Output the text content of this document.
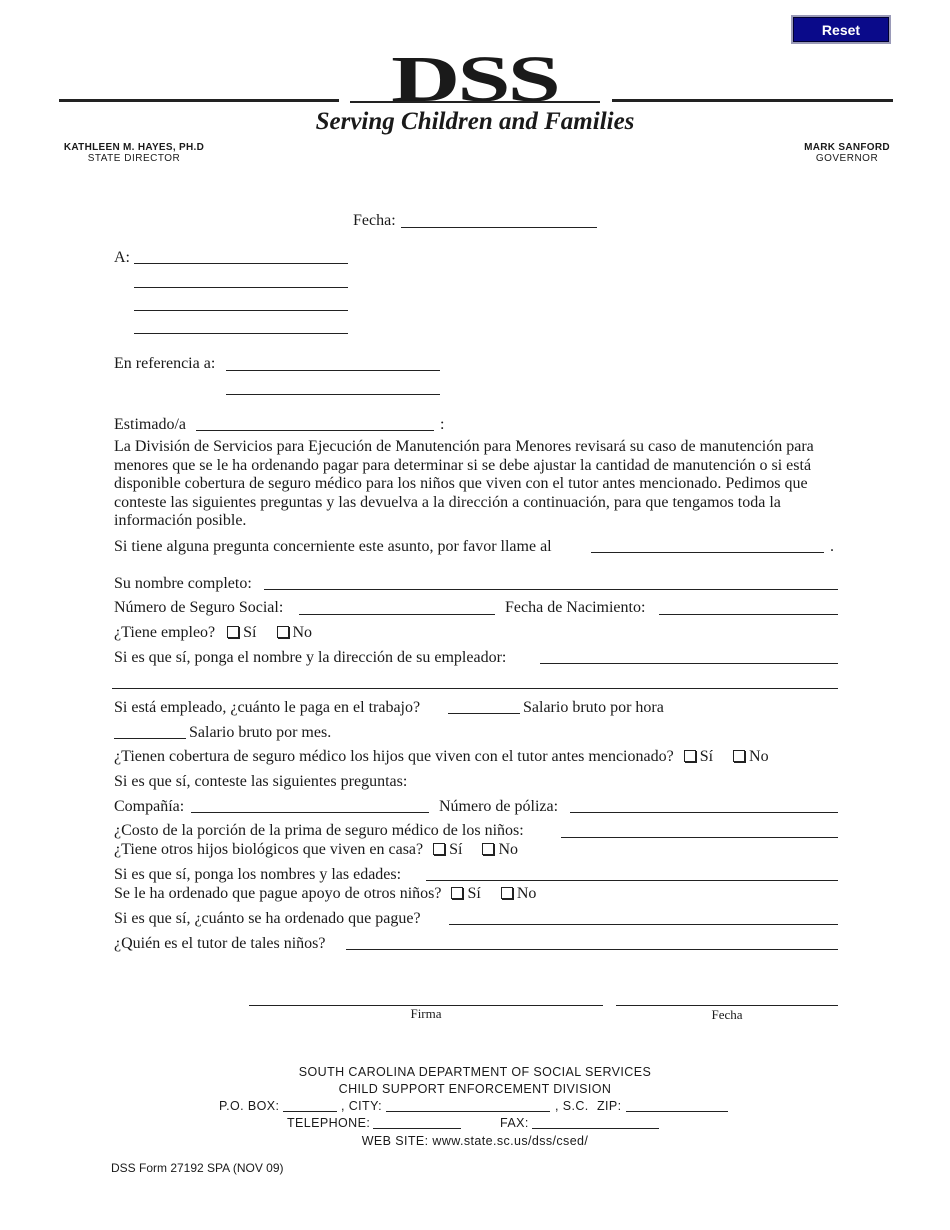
Reset
DSS
Serving Children and Families
KATHLEEN M. HAYES, PH.D
STATE DIRECTOR
MARK SANFORD
GOVERNOR
Fecha:
A:
En referencia a:
Estimado/a	:
La División de Servicios para Ejecución de Manutención para Menores revisará su caso de manutención para menores que se le ha ordenando pagar para determinar si se debe ajustar la cantidad de manutención o si está disponible cobertura de seguro médico para los niños que viven con el tutor antes mencionado. Pedimos que conteste las siguientes preguntas y las devuelva a la dirección a continuación, para que tengamos toda la información posible.
Si tiene alguna pregunta concerniente este asunto, por favor llame al	.
Su nombre completo:
Número de Seguro Social:	Fecha de Nacimiento:
¿Tiene empleo? Sí No
Si es que sí, ponga el nombre y la dirección de su empleador:
Si está empleado, ¿cuánto le paga en el trabajo?	Salario bruto por hora
Salario bruto por mes.
¿Tienen cobertura de seguro médico los hijos que viven con el tutor antes mencionado? Sí No
Si es que sí, conteste las siguientes preguntas:
Compañía:	Número de póliza:
¿Costo de la porción de la prima de seguro médico de los niños:
¿Tiene otros hijos biológicos que viven en casa? Sí No
Si es que sí, ponga los nombres y las edades:
Se le ha ordenado que pague apoyo de otros niños? Sí No
Si es que sí, ¿cuánto se ha ordenado que pague?
¿Quién es el tutor de tales niños?
Firma	Fecha
SOUTH CAROLINA DEPARTMENT OF SOCIAL SERVICES
CHILD SUPPORT ENFORCEMENT DIVISION
P.O. BOX:	, CITY:	, S.C. ZIP:
TELEPHONE:	FAX:
WEB SITE: www.state.sc.us/dss/csed/
DSS Form 27192 SPA (NOV 09)
